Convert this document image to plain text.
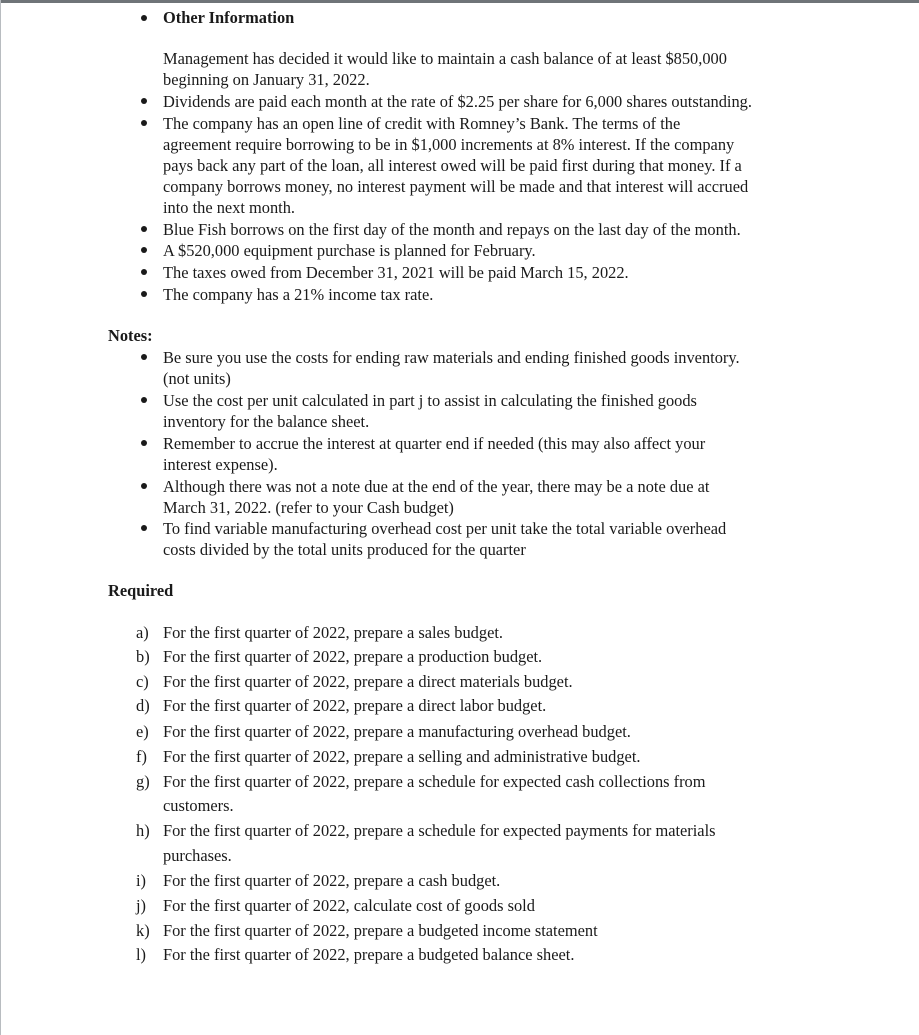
Other Information
Management has decided it would like to maintain a cash balance of at least $850,000
beginning on January 31, 2022.
Dividends are paid each month at the rate of $2.25 per share for 6,000 shares outstanding.
The company has an open line of credit with Romney’s Bank. The terms of the
agreement require borrowing to be in $1,000 increments at 8% interest. If the company
pays back any part of the loan, all interest owed will be paid first during that money. If a
company borrows money, no interest payment will be made and that interest will accrued
into the next month.
Blue Fish borrows on the first day of the month and repays on the last day of the month.
A $520,000 equipment purchase is planned for February.
The taxes owed from December 31, 2021 will be paid March 15, 2022.
The company has a 21% income tax rate.
Notes:
Be sure you use the costs for ending raw materials and ending finished goods inventory.
(not units)
Use the cost per unit calculated in part j to assist in calculating the finished goods
inventory for the balance sheet.
Remember to accrue the interest at quarter end if needed (this may also affect your
interest expense).
Although there was not a note due at the end of the year, there may be a note due at
March 31, 2022. (refer to your Cash budget)
To find variable manufacturing overhead cost per unit take the total variable overhead
costs divided by the total units produced for the quarter
Required
a) For the first quarter of 2022, prepare a sales budget.
b) For the first quarter of 2022, prepare a production budget.
c) For the first quarter of 2022, prepare a direct materials budget.
d) For the first quarter of 2022, prepare a direct labor budget.
e) For the first quarter of 2022, prepare a manufacturing overhead budget.
f) For the first quarter of 2022, prepare a selling and administrative budget.
g) For the first quarter of 2022, prepare a schedule for expected cash collections from
customers.
h) For the first quarter of 2022, prepare a schedule for expected payments for materials
purchases.
i) For the first quarter of 2022, prepare a cash budget.
j) For the first quarter of 2022, calculate cost of goods sold
k) For the first quarter of 2022, prepare a budgeted income statement
l) For the first quarter of 2022, prepare a budgeted balance sheet.
